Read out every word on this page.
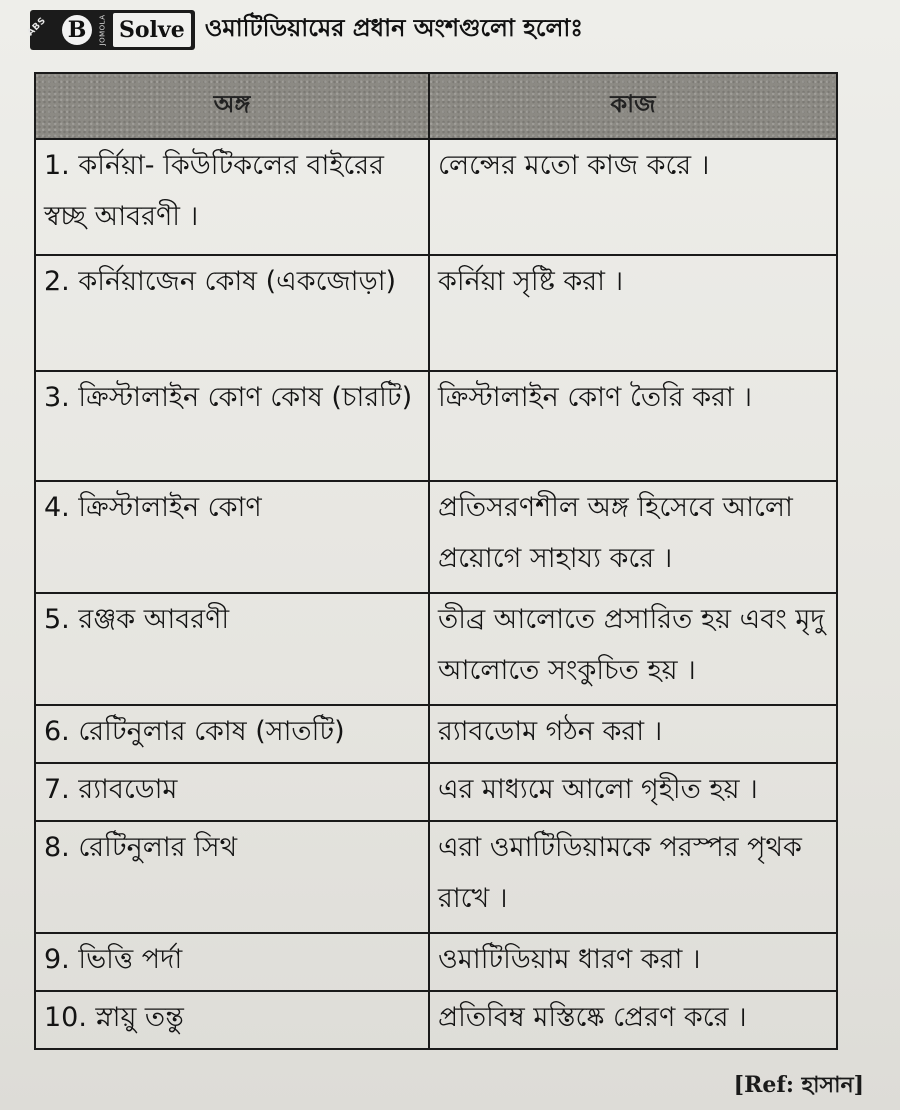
ABS B	JOMOLA Solve ওমাটিডিয়ামের প্রধান অংশগুলো হলোঃ
অঙ্গ	কাজ
1. কর্নিয়া- কিউটিকলের বাইরের স্বচ্ছ আবরণী ।	লেন্সের মতো কাজ করে ।
2. কর্নিয়াজেন কোষ (একজোড়া)	কর্নিয়া সৃষ্টি করা ।
3. ক্রিস্টালাইন কোণ কোষ (চারটি)	ক্রিস্টালাইন কোণ তৈরি করা ।
4. ক্রিস্টালাইন কোণ	প্রতিসরণশীল অঙ্গ হিসেবে আলো প্রয়োগে সাহায্য করে ।
5. রঞ্জক আবরণী	তীব্র আলোতে প্রসারিত হয় এবং মৃদু আলোতে সংকুচিত হয় ।
6. রেটিনুলার কোষ (সাতটি)	র‍্যাবডোম গঠন করা ।
7. র‍্যাবডোম	এর মাধ্যমে আলো গৃহীত হয় ।
8. রেটিনুলার সিথ	এরা ওমাটিডিয়ামকে পরস্পর পৃথক রাখে ।
9. ভিত্তি পর্দা	ওমাটিডিয়াম ধারণ করা ।
10. স্নায়ু তন্তু	প্রতিবিম্ব মস্তিষ্কে প্রেরণ করে ।
[Ref: হাসান]
